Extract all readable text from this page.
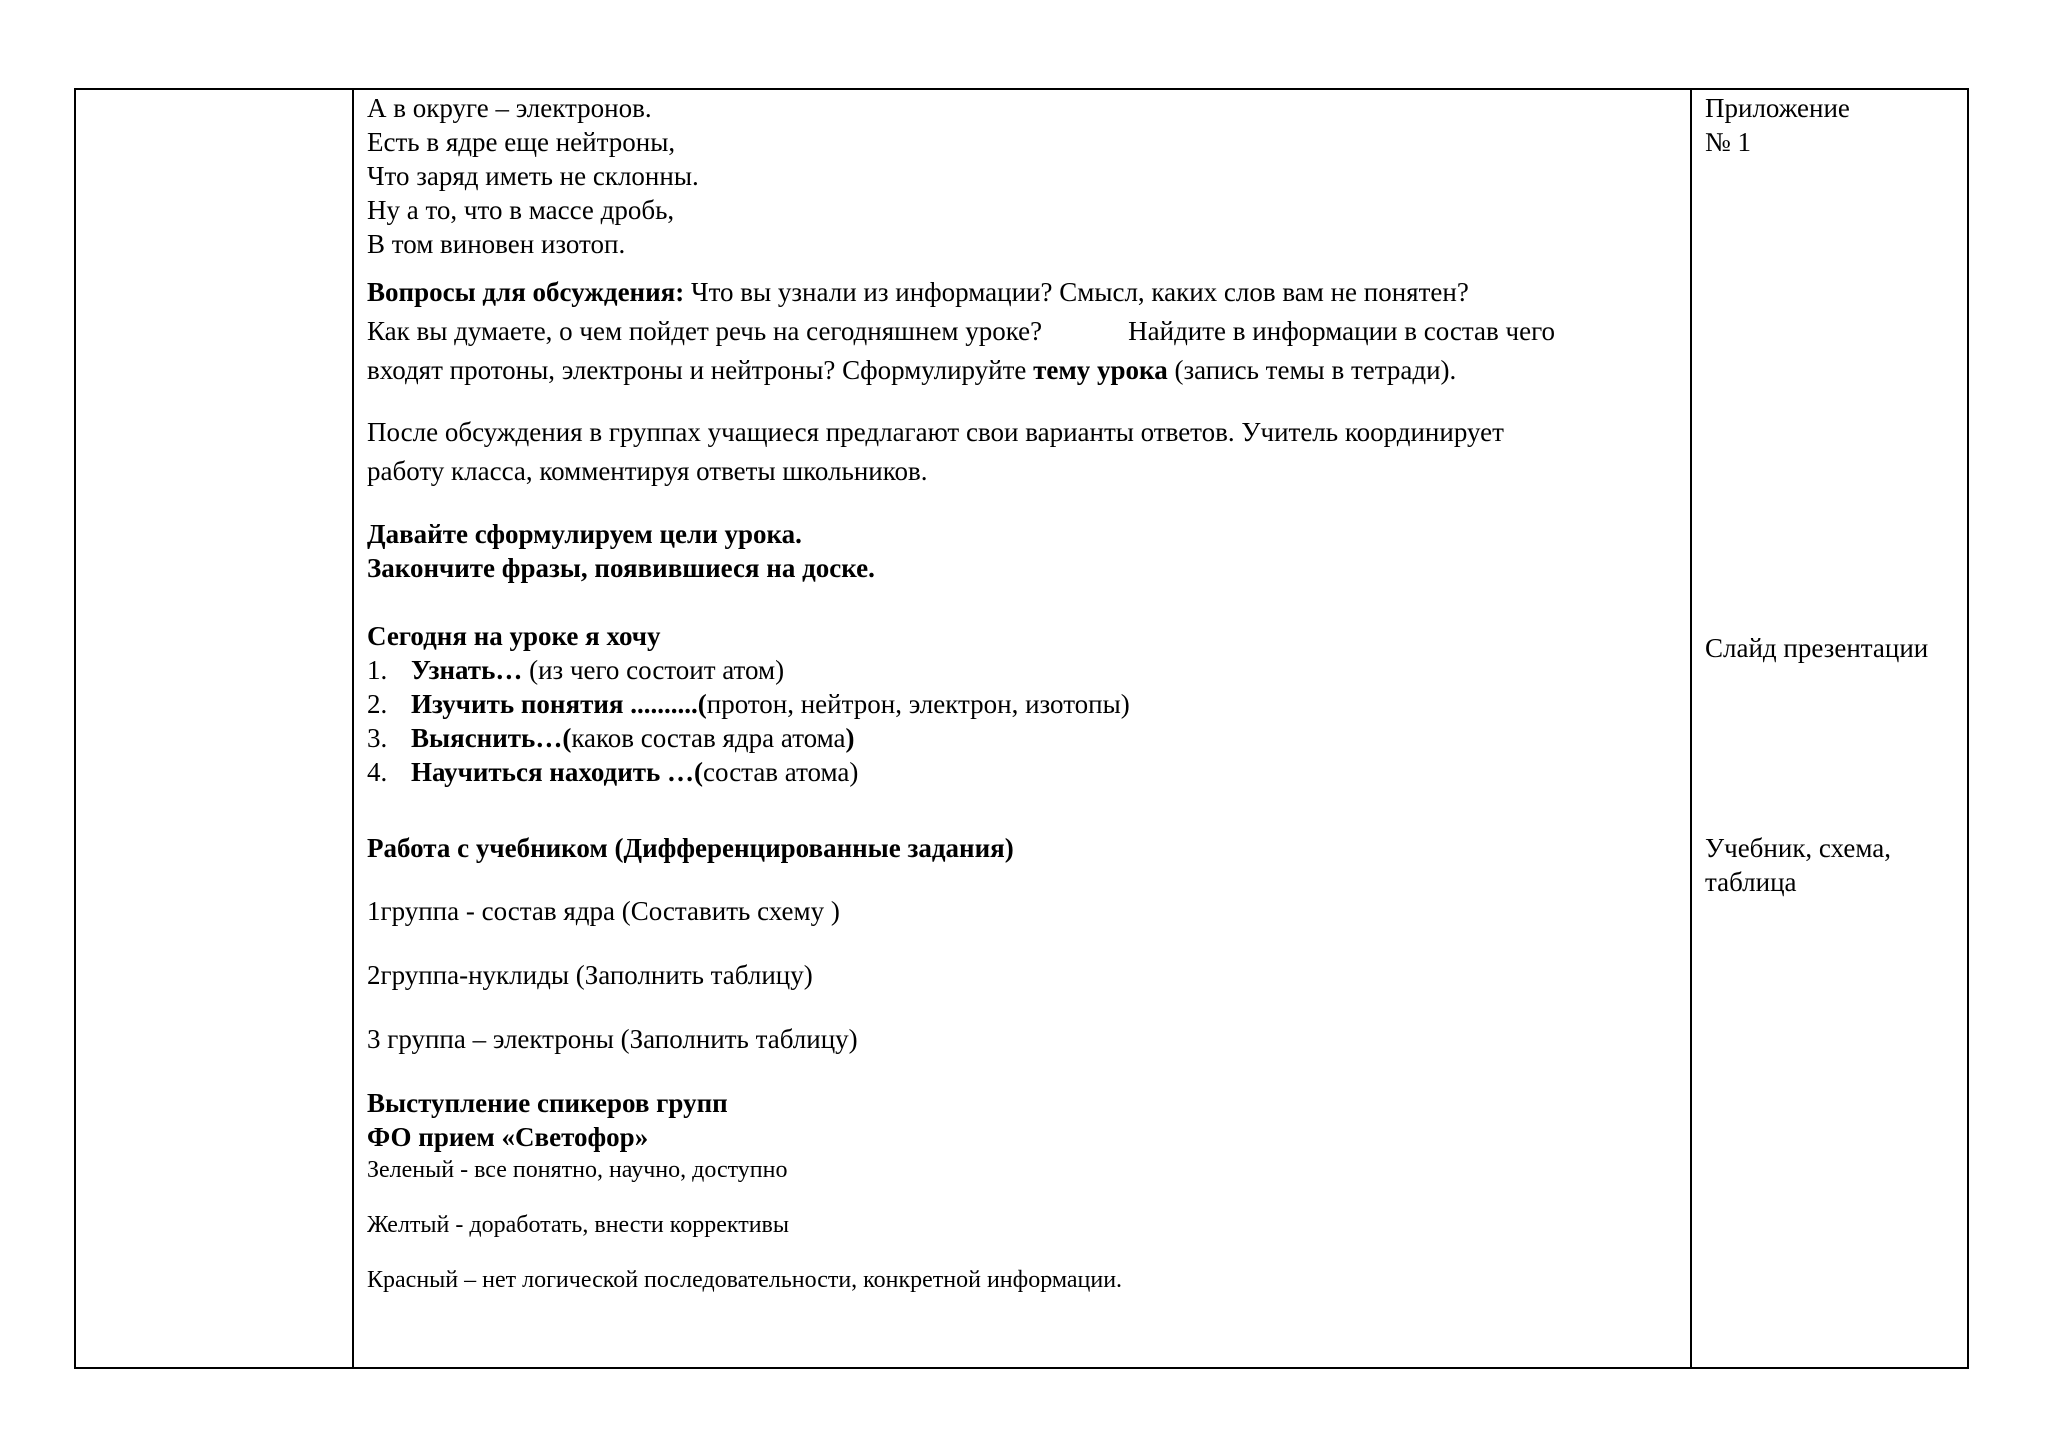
А в округе – электронов.
Есть в ядре еще нейтроны,
Что заряд иметь не склонны.
Ну а то, что в массе дробь,
В том виновен изотоп.
Вопросы для обсуждения: Что вы узнали из информации? Смысл, каких слов вам не понятен?
Как вы думаете, о чем пойдет речь на сегодняшнем уроке?	Найдите в информации в состав чего
входят протоны, электроны и нейтроны? Сформулируйте тему урока (запись темы в тетради).
После обсуждения в группах учащиеся предлагают свои варианты ответов. Учитель координирует
работу класса, комментируя ответы школьников.
Давайте сформулируем цели урока.
Закончите фразы, появившиеся на доске.
Сегодня на уроке я хочу
1. Узнать… (из чего состоит атом)
2. Изучить понятия ..........(протон, нейтрон, электрон, изотопы)
3. Выяснить…(каков состав ядра атома)
4. Научиться находить …(состав атома)
Работа с учебником (Дифференцированные задания)
1группа - состав ядра (Составить схему )
2группа-нуклиды (Заполнить таблицу)
3 группа – электроны (Заполнить таблицу)
Выступление спикеров групп
ФО прием «Светофор»
Зеленый - все понятно, научно, доступно
Желтый - доработать, внести коррективы
Красный – нет логической последовательности, конкретной информации.
Приложение
№ 1
Слайд презентации
Учебник, схема,
таблица
